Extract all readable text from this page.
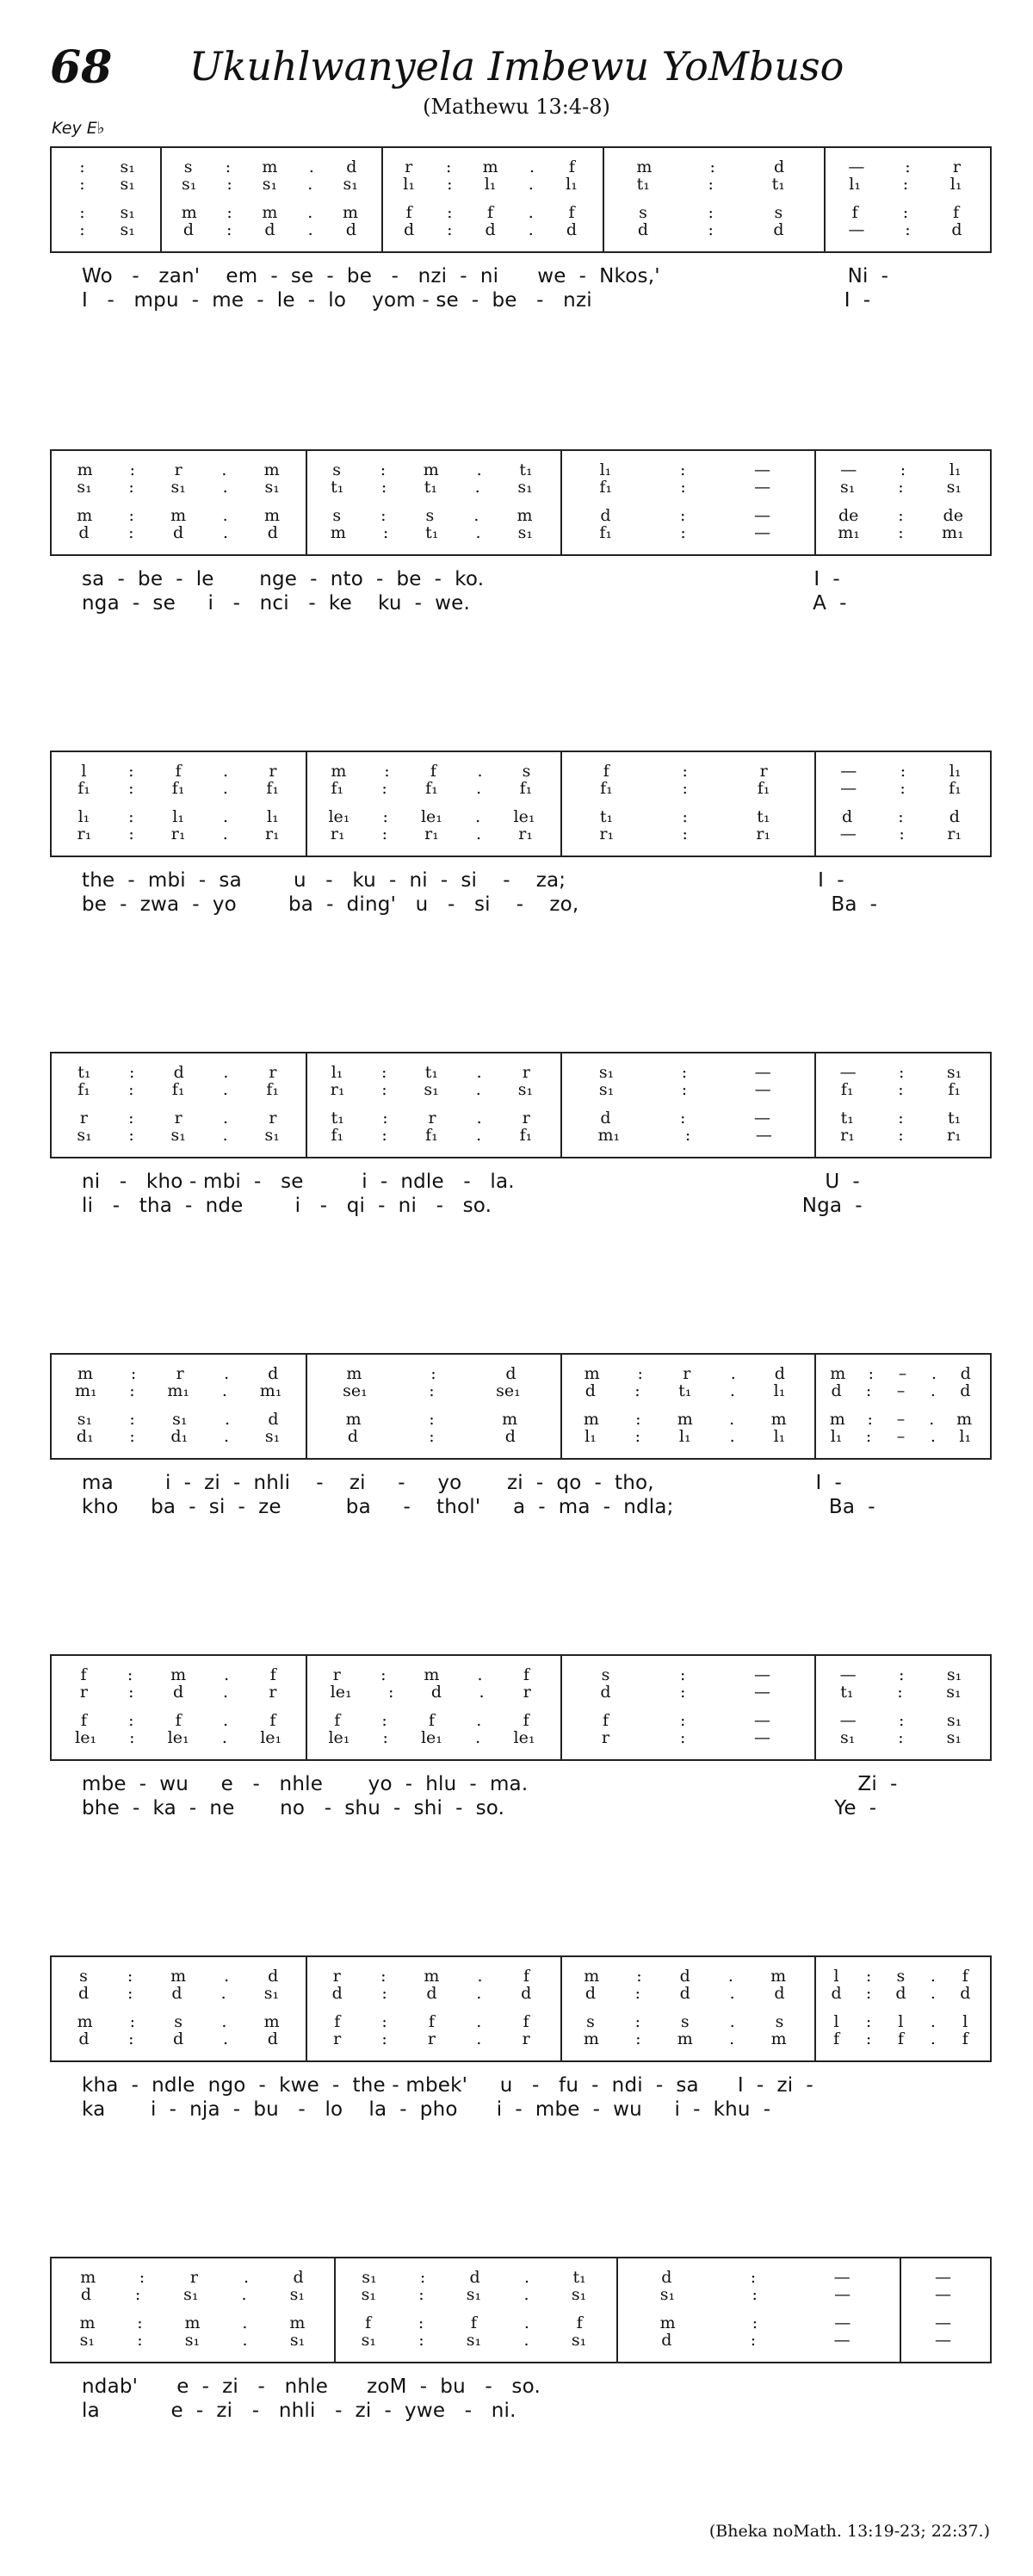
68	Ukuhlwanyela Imbewu YoMbuso
(Mathewu 13:4-8)
Key E♭
: s₁	s : m . d	r : m . f	m	:	d	— :	r
: s₁	s₁ : s₁ . s₁	l₁ : l₁ . l₁	t₁	:	t₁	l₁	:	l₁
: s₁	m : m . m	f : f . f	s	:	s	f	:	f
: s₁	d : d . d	d : d . d	d	:	d	— :	d
Wo   -   zan'    em  -  se  -  be   -   nzi  -  ni      we  -  Nkos,'                             Ni  -
I   -   mpu  -  me  -  le  -  lo    yom - se  -  be   -   nzi                                       I  -
m : r . m	s : m . t₁	l₁	:	—	—	:	l₁
s₁ : s₁ . s₁	t₁ : t₁ . s₁	f₁	:	—	s₁	:	s₁
m : m . m	s : s . m	d	:	—	de : de
d : d . d	m : t₁ . s₁	f₁	:	—	m₁ : m₁
sa  -  be  -  le       nge  -  nto  -  be  -  ko.                                                   I  -
nga  -  se     i   -   nci   -  ke    ku  -  we.                                                     A  -
l	:	f	. r	m : f	. s	f	:	r	—	:	l₁
f₁ : f₁ . f₁	f₁ : f₁ . f₁	f₁	:	f₁	—	:	f₁
l₁ : l₁ . l₁	le₁ : le₁ . le₁	t₁	:	t₁	d	:	d
r₁ : r₁ . r₁	r₁ : r₁ . r₁	r₁	:	r₁	—	:	r₁
the  -  mbi  -  sa        u   -   ku  -  ni  -  si    -    za;                                       I  -
be  -  zwa  -  yo        ba  -  ding'   u   -   si    -    zo,                                       Ba  -
t₁ : d . r	l₁ : t₁ . r	s₁	:	—	—	:	s₁
f₁ : f₁ . f₁	r₁ : s₁ . s₁	s₁	:	—	f₁	:	f₁
r : r . r	t₁ : r . r	d	:	—	t₁	:	t₁
s₁ : s₁ . s₁	f₁ : f₁ . f₁	m₁	:	—	r₁	:	r₁
ni   -   kho - mbi  -   se         i  -  ndle   -   la.                                                U  -
li   -   tha  -  nde        i   -   qi  -  ni   -   so.                                                Nga  -
m : r . d	m	:	d	m : r . d	m : – . d
m₁ : m₁ . m₁	se₁	:	se₁	d : t₁ . l₁	d : – . d
s₁ : s₁ . d	m	:	m	m : m . m	m : – . m
d₁ : d₁ . s₁	d	:	d	l₁ : l₁ . l₁	l₁ : – . l₁
ma        i  -  zi  -  nhli    -    zi     -     yo       zi  -  qo  -  tho,                         I  -
kho     ba  -  si  -  ze          ba     -    thol'     a  -  ma  -  ndla;                        Ba  -
f : m .	f	r : m .	f	s	:	—	—	:	s₁
r : d . r	le₁ : d . r	d	:	—	t₁	:	s₁
f	:	f	.	f	f	:	f	.	f	f	:	—	—	:	s₁
le₁ : le₁ . le₁	le₁ : le₁ . le₁	r	:	—	s₁	:	s₁
mbe  -  wu     e   -   nhle       yo  -  hlu  -  ma.                                                   Zi  -
bhe  -  ka  -  ne       no   -  shu  -  shi  -  so.                                                   Ye  -
s : m . d	r : m .	f	m : d . m	l : s . f
d : d . s₁	d : d . d	d : d . d	d : d . d
m : s . m	f	:	f	.	f	s : s . s	l : l . l
d : d . d	r : r . r	m : m . m	f : f . f
kha  -  ndle  ngo  -  kwe  -  the - mbek'     u   -   fu  -  ndi  -  sa      I  -  zi  -
ka       i  -  nja  -  bu   -   lo    la  -  pho      i  -  mbe  -  wu     i  -  khu  -
m	:	r	.	d	s₁	:	d	.	t₁	d	:	—	—
d	:	s₁	.	s₁	s₁	:	s₁	.	s₁	s₁	:	—	—
m	:	m	.	m	f	:	f	.	f	m	:	—	—
s₁	:	s₁	.	s₁	s₁	:	s₁	.	s₁	d	:	—	—
ndab'      e  -  zi   -   nhle      zoM  -  bu   -   so.
la           e  -  zi   -   nhli   -  zi  -  ywe   -   ni.
(Bheka noMath. 13:19-23; 22:37.)
